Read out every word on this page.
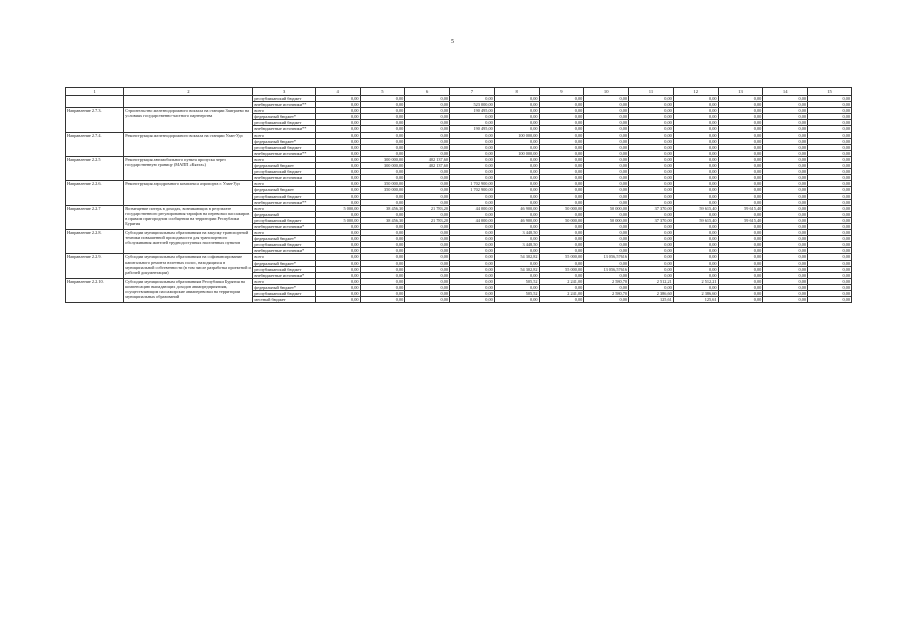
5
1	2	3	4	5	6	7	8	9	10	11	12	13	14	15
		республиканский бюджет	0,00	0,00	0,00	0,00	0,00	0,00	0,00	0,00	0,00	0,00	0,00	0,00
		внебюджетные источники**	0,00	0,00	0,00	523 000,00	0,00	0,00	0,00	0,00	0,00	0,00	0,00	0,00
Направление 2.7.3.	Строительство железнодорожного вокзала на станции Заиграево на условиях государственно-частного партнерства	всего	0,00	0,00	0,00	190 495,00	0,00	0,00	0,00	0,00	0,00	0,00	0,00	0,00
		федеральный бюджет*	0,00	0,00	0,00	0,00	0,00	0,00	0,00	0,00	0,00	0,00	0,00	0,00
		республиканский бюджет	0,00	0,00	0,00	0,00	0,00	0,00	0,00	0,00	0,00	0,00	0,00	0,00
		внебюджетные источники**	0,00	0,00	0,00	190 495,00	0,00	0,00	0,00	0,00	0,00	0,00	0,00	0,00
Направление 2.7.4.	Реконструкция железнодорожного вокзала на станции Улан-Удэ	всего	0,00	0,00	0,00	0,00	100 000,00	0,00	0,00	0,00	0,00	0,00	0,00	0,00
		федеральный бюджет*	0,00	0,00	0,00	0,00	0,00	0,00	0,00	0,00	0,00	0,00	0,00	0,00
		республиканский бюджет	0,00	0,00	0,00	0,00	0,00	0,00	0,00	0,00	0,00	0,00	0,00	0,00
		внебюджетные источники**	0,00	0,00	0,00	0,00	100 000,00	0,00	0,00	0,00	0,00	0,00	0,00	0,00
Направление 2.2.5	Реконструкция автомобильного пункта пропуска через государственную границу (МАПП «Кяхта»)	всего	0,00	300 000,00	402 137,60	0,00	0,00	0,00	0,00	0,00	0,00	0,00	0,00	0,00
		федеральный бюджет	0,00	300 000,00	402 137,60	0,00	0,00	0,00	0,00	0,00	0,00	0,00	0,00	0,00
		республиканский бюджет	0,00	0,00	0,00	0,00	0,00	0,00	0,00	0,00	0,00	0,00	0,00	0,00
		внебюджетные источники	0,00	0,00	0,00	0,00	0,00	0,00	0,00	0,00	0,00	0,00	0,00	0,00
Направление 2.2.6.	Реконструкция аэродромного комплекса аэропорта г. Улан-Удэ	всего	0,00	350 000,00	0,00	1 702 900,00	0,00	0,00	0,00	0,00	0,00	0,00	0,00	0,00
		федеральный бюджет	0,00	350 000,00	0,00	1 702 900,00	0,00	0,00	0,00	0,00	0,00	0,00	0,00	0,00
		республиканский бюджет	0,00	0,00	0,00	0,00	0,00	0,00	0,00	0,00	0,00	0,00	0,00	0,00
		внебюджетные источники**	0,00	0,00	0,00	0,00	0,00	0,00	0,00	0,00	0,00	0,00	0,00	0,00
Направление 2.2.7	Возмещение потерь в доходах, возникающих в результате государственного регулирования тарифов на перевозки пассажиров в прямом пригородном сообщении на территории Республики Бурятия	всего	5 000,00	38 456,30	21 783,20	44 000,00	46 900,00	50 000,00	50 000,00	37 370,00	59 615,40	59 615,40	0,00	0,00
		федеральный	0,00	0,00	0,00	0,00	0,00	0,00	0,00	0,00	0,00	0,00	0,00	0,00
		республиканский бюджет	5 000,00	38 456,30	21 783,20	44 000,00	46 900,00	50 000,00	50 000,00	37 370,00	59 615,40	59 615,40	0,00	0,00
		внебюджетные источники*	0,00	0,00	0,00	0,00	0,00	0,00	0,00	0,00	0,00	0,00	0,00	0,00
Направление 2.2.8.	Субсидии муниципальным образованиям на закупку транспортной техники повышенной проходимости для транспортного обслуживания жителей труднодоступных населенных пунктов	всего	0,00	0,00	0,00	0,00	3 448,50	0,00	0,00	0,00	0,00	0,00	0,00	0,00
		федеральный бюджет*	0,00	0,00	0,00	0,00	0,00	0,00	0,00	0,00	0,00	0,00	0,00	0,00
		республиканский бюджет	0,00	0,00	0,00	0,00	3 448,50	0,00	0,00	0,00	0,00	0,00	0,00	0,00
		внебюджетные источники*	0,00	0,00	0,00	0,00	0,00	0,00	0,00	0,00	0,00	0,00	0,00	0,00
Направление 2.2.9.	Субсидии муниципальным образованиям на софинансирование капитального ремонта взлетных полос, находящихся в муниципальной собственности (в том числе разработка проектной и рабочей документации)	всего	0,00	0,00	0,00	0,00	54 302,82	55 000,00	13 056,57616	0,00	0,00	0,00	0,00	0,00
		федеральный бюджет*	0,00	0,00	0,00	0,00	0,00	0,00	0,00	0,00	0,00	0,00	0,00	0,00
		республиканский бюджет	0,00	0,00	0,00	0,00	54 302,82	55 000,00	13 056,57616	0,00	0,00	0,00	0,00	0,00
		внебюджетные источники*	0,00	0,00	0,00	0,00	0,00	0,00	0,00	0,00	0,00	0,00	0,00	0,00
Направление 2.2.10.	Субсидии муниципальным образованиям Республики Бурятия на компенсацию выпадающих доходов авиапредприятиям, осуществляющим пассажирские авиаперевозки на территории муниципальных образований	всего	0,00	0,00	0,00	0,00	505,52	2 241,00	2 580,70	2 512,21	2 512,21	0,00	0,00	0,00
		федеральный бюджет*	0,00	0,00	0,00	0,00	0,00	0,00	0,00	0,00	0,00	0,00	0,00	0,00
		республиканский бюджет	0,00	0,00	0,00	0,00	505,52	2 241,00	2 580,70	2 386,60	2 386,60	0,00	0,00	0,00
		местный бюджет	0,00	0,00	0,00	0,00	0,00	0,00	0,00	125,61	125,61	0,00	0,00	0,00
